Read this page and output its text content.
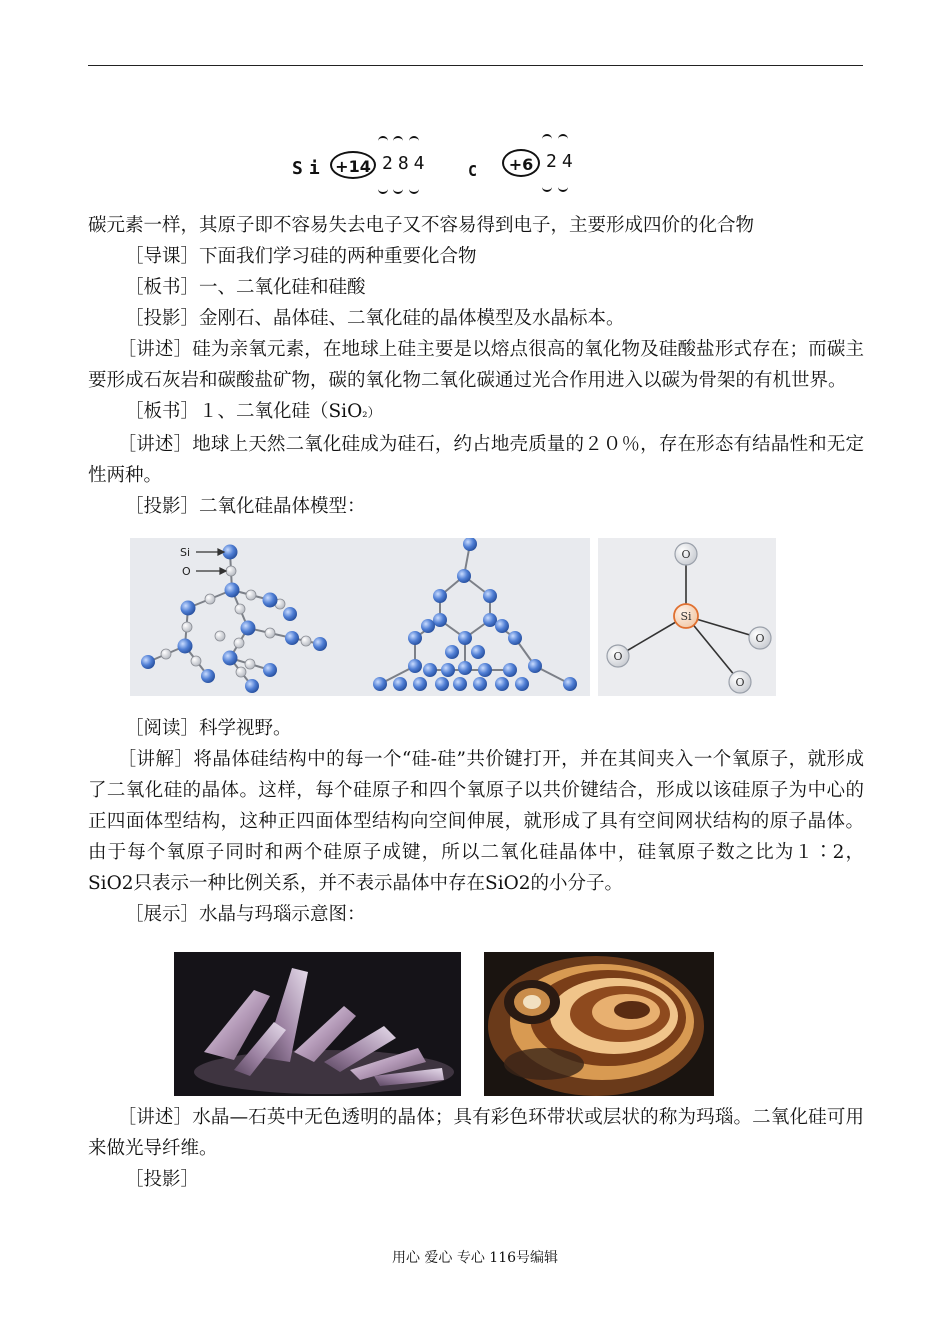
Si +14 284	C	+6 24

碳元素一样，其原子即不容易失去电子又不容易得到电子，主要形成四价的化合物

［导课］下面我们学习硅的两种重要化合物

［板书］一、二氧化硅和硅酸

［投影］金刚石、晶体硅、二氧化硅的晶体模型及水晶标本。

［讲述］硅为亲氧元素，在地球上硅主要是以熔点很高的氧化物及硅酸盐形式存在；而碳主要形成石灰岩和碳酸盐矿物，碳的氧化物二氧化碳通过光合作用进入以碳为骨架的有机世界。

［板书］１、二氧化硅（SiO₂）

［讲述］地球上天然二氧化硅成为硅石，约占地壳质量的２０％，存在形态有结晶性和无定性两种。

［投影］二氧化硅晶体模型：

Si
O
Si
O
O
O
O

［阅读］科学视野。

［讲解］将晶体硅结构中的每一个“硅-硅”共价键打开，并在其间夹入一个氧原子，就形成了二氧化硅的晶体。这样，每个硅原子和四个氧原子以共价键结合，形成以该硅原子为中心的正四面体型结构，这种正四面体型结构向空间伸展，就形成了具有空间网状结构的原子晶体。由于每个氧原子同时和两个硅原子成键，所以二氧化硅晶体中，硅氧原子数之比为１∶2，SiO2只表示一种比例关系，并不表示晶体中存在SiO2的小分子。

［展示］水晶与玛瑙示意图：

［讲述］水晶—石英中无色透明的晶体；具有彩色环带状或层状的称为玛瑙。二氧化硅可用来做光导纤维。

［投影］

用心 爱心 专心 116号编辑
